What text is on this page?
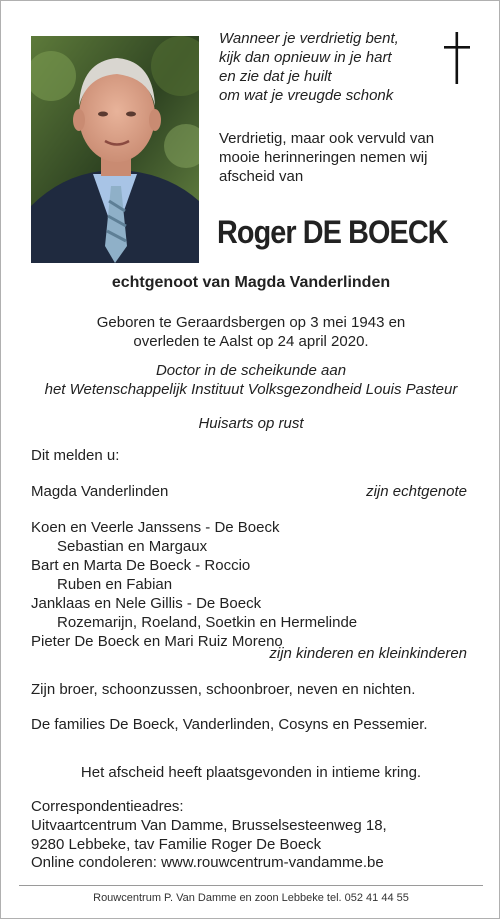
Wanneer je verdrietig bent,
kijk dan opnieuw in je hart
en zie dat je huilt
om wat je vreugde schonk
Verdrietig, maar ook vervuld van
mooie herinneringen nemen wij
afscheid van
Roger DE BOECK
echtgenoot van Magda Vanderlinden
Geboren te Geraardsbergen op 3 mei 1943 en
overleden te Aalst op 24 april 2020.
Doctor in de scheikunde aan
het Wetenschappelijk Instituut Volksgezondheid Louis Pasteur
Huisarts op rust
Dit melden u:
Magda Vanderlinden	zijn echtgenote
Koen en Veerle Janssens - De Boeck
Sebastian en Margaux
Bart en Marta De Boeck - Roccio
Ruben en Fabian
Janklaas en Nele Gillis - De Boeck
Rozemarijn, Roeland, Soetkin en Hermelinde
Pieter De Boeck en Mari Ruiz Moreno
zijn kinderen en kleinkinderen
Zijn broer, schoonzussen, schoonbroer, neven en nichten.
De families De Boeck, Vanderlinden, Cosyns en Pessemier.
Het afscheid heeft plaatsgevonden in intieme kring.
Correspondentieadres:
Uitvaartcentrum Van Damme, Brusselsesteenweg 18,
9280 Lebbeke, tav Familie Roger De Boeck
Online condoleren: www.rouwcentrum-vandamme.be
Rouwcentrum P. Van Damme en zoon Lebbeke tel. 052 41 44 55
